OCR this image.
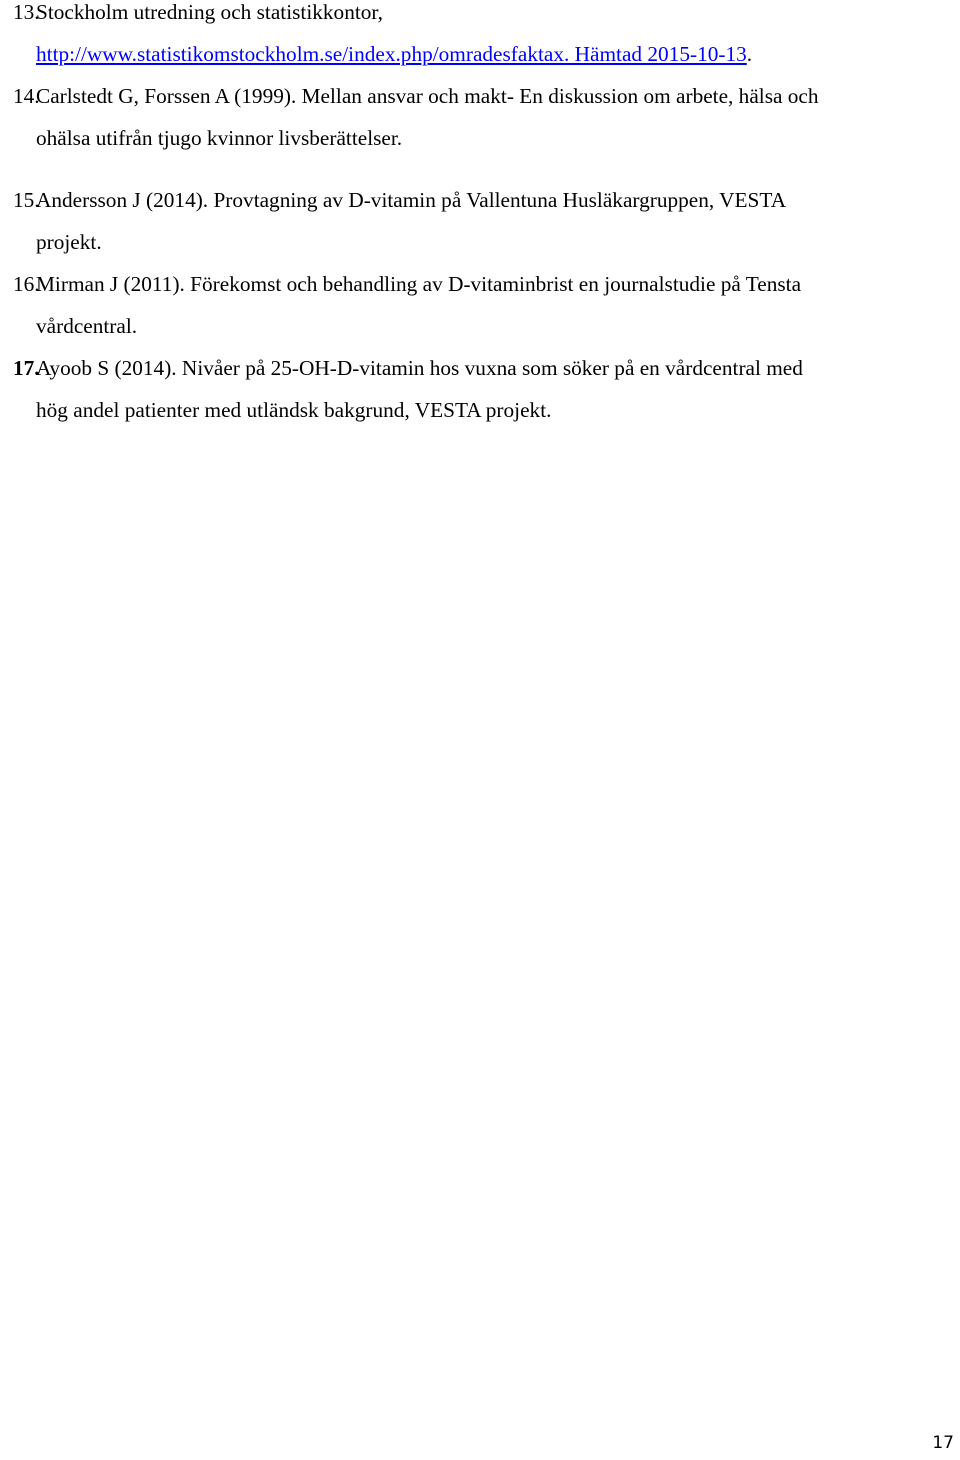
13.
Stockholm utredning och statistikkontor,
http://www.statistikomstockholm.se/index.php/omradesfaktax. Hämtad 2015-10-13.
14.
Carlstedt G, Forssen A (1999). Mellan ansvar och makt- En diskussion om arbete, hälsa och
ohälsa utifrån tjugo kvinnor livsberättelser.
15.
Andersson J (2014). Provtagning av D-vitamin på Vallentuna Husläkargruppen, VESTA
projekt.
16.
Mirman J (2011). Förekomst och behandling av D-vitaminbrist en journalstudie på Tensta
vårdcentral.
17.
Ayoob S (2014). Nivåer på 25-OH-D-vitamin hos vuxna som söker på en vårdcentral med
hög andel patienter med utländsk bakgrund, VESTA projekt.
17
